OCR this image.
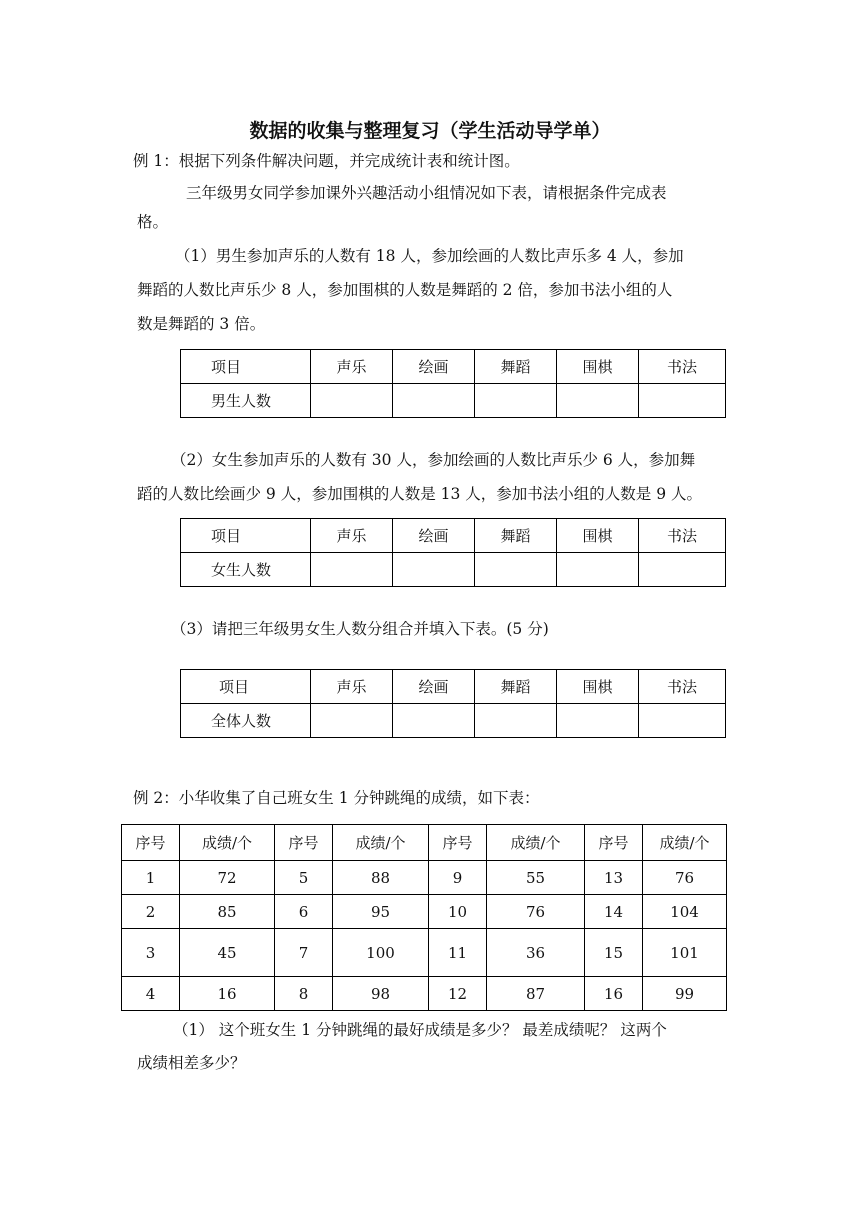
数据的收集与整理复习（学生活动导学单）
例 1：根据下列条件解决问题，并完成统计表和统计图。
三年级男女同学参加课外兴趣活动小组情况如下表，请根据条件完成表
格。
（1）男生参加声乐的人数有 18 人，参加绘画的人数比声乐多 4 人，参加
舞蹈的人数比声乐少 8 人，参加围棋的人数是舞蹈的 2 倍，参加书法小组的人
数是舞蹈的 3 倍。
项目	声乐	绘画	舞蹈	围棋	书法
男生人数					
（2）女生参加声乐的人数有 30 人，参加绘画的人数比声乐少 6 人，参加舞
蹈的人数比绘画少 9 人，参加围棋的人数是 13 人，参加书法小组的人数是 9 人。
项目	声乐	绘画	舞蹈	围棋	书法
女生人数					
（3）请把三年级男女生人数分组合并填入下表。(5 分)
项目	声乐	绘画	舞蹈	围棋	书法
全体人数					
例 2：小华收集了自己班女生 1 分钟跳绳的成绩，如下表：
序号	成绩/个	序号	成绩/个	序号	成绩/个	序号	成绩/个
1	72	5	88	9	55	13	76
2	85	6	95	10	76	14	104
3	45	7	100	11	36	15	101
4	16	8	98	12	87	16	99
（1） 这个班女生 1 分钟跳绳的最好成绩是多少？ 最差成绩呢？ 这两个
成绩相差多少？
